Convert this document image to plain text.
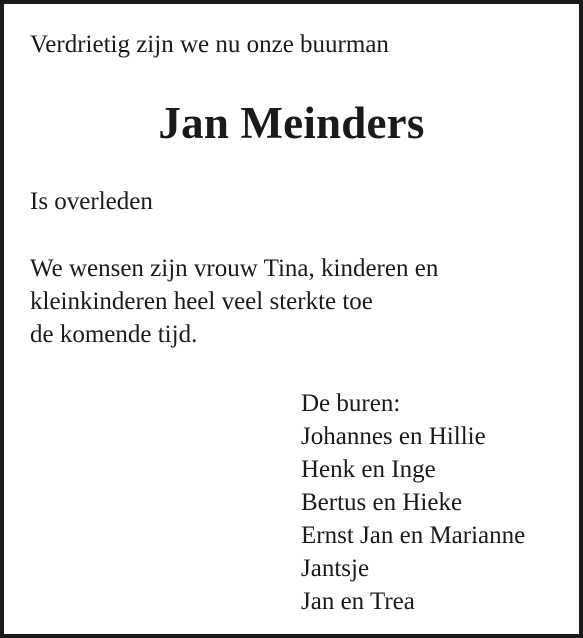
Verdrietig zijn we nu onze buurman

Jan Meinders

Is overleden

We wensen zijn vrouw Tina, kinderen en
kleinkinderen heel veel sterkte toe
de komende tijd.

De buren:
Johannes en Hillie
Henk en Inge
Bertus en Hieke
Ernst Jan en Marianne
Jantsje
Jan en Trea
